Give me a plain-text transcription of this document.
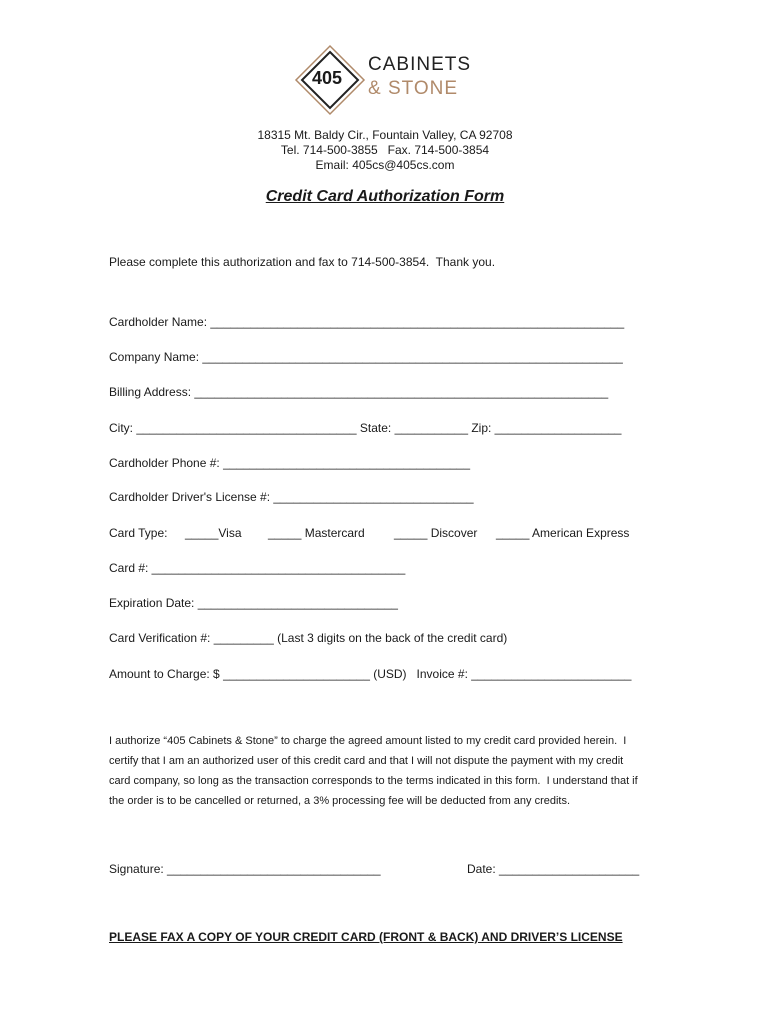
405
CABINETS
& STONE
18315 Mt. Baldy Cir., Fountain Valley, CA 92708
Tel. 714-500-3855   Fax. 714-500-3854
Email: 405cs@405cs.com
Credit Card Authorization Form
Please complete this authorization and fax to 714-500-3854.  Thank you.
Cardholder Name: ______________________________________________________________
Company Name: _______________________________________________________________
Billing Address: ______________________________________________________________
City: _________________________________ State: ___________ Zip: ___________________
Cardholder Phone #: _____________________________________
Cardholder Driver's License #: ______________________________
Card Type: _____Visa _____ Mastercard _____ Discover _____ American Express
Card #: ______________________________________
Expiration Date: ______________________________
Card Verification #: _________ (Last 3 digits on the back of the credit card)
Amount to Charge: $ ______________________ (USD)   Invoice #: ________________________
I authorize “405 Cabinets & Stone” to charge the agreed amount listed to my credit card provided herein.  I
certify that I am an authorized user of this credit card and that I will not dispute the payment with my credit
card company, so long as the transaction corresponds to the terms indicated in this form.  I understand that if
the order is to be cancelled or returned, a 3% processing fee will be deducted from any credits.
Signature: ________________________________	Date: _____________________
PLEASE FAX A COPY OF YOUR CREDIT CARD (FRONT & BACK) AND DRIVER’S LICENSE
